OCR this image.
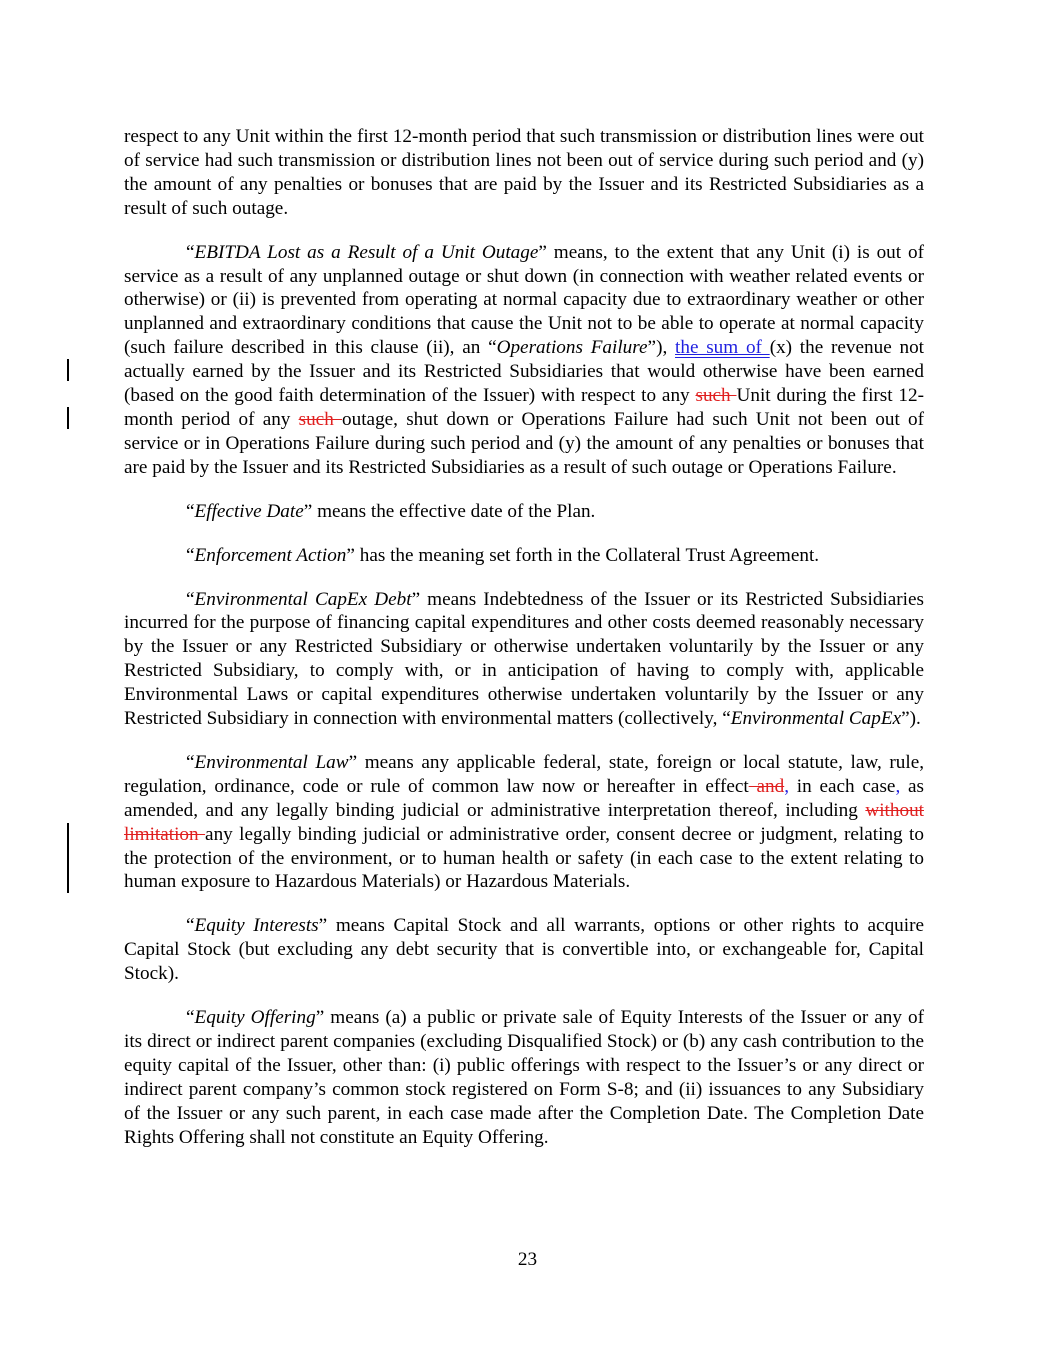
respect to any Unit within the first 12-month period that such transmission or distribution lines were out of service had such transmission or distribution lines not been out of service during such period and (y) the amount of any penalties or bonuses that are paid by the Issuer and its Restricted Subsidiaries as a result of such outage.

“EBITDA Lost as a Result of a Unit Outage” means, to the extent that any Unit (i) is out of service as a result of any unplanned outage or shut down (in connection with weather related events or otherwise) or (ii) is prevented from operating at normal capacity due to extraordinary weather or other unplanned and extraordinary conditions that cause the Unit not to be able to operate at normal capacity (such failure described in this clause (ii), an “Operations Failure”), the sum of (x) the revenue not actually earned by the Issuer and its Restricted Subsidiaries that would otherwise have been earned (based on the good faith determination of the Issuer) with respect to any such Unit during the first 12-month period of any such outage, shut down or Operations Failure had such Unit not been out of service or in Operations Failure during such period and (y) the amount of any penalties or bonuses that are paid by the Issuer and its Restricted Subsidiaries as a result of such outage or Operations Failure.

“Effective Date” means the effective date of the Plan.

“Enforcement Action” has the meaning set forth in the Collateral Trust Agreement.

“Environmental CapEx Debt” means Indebtedness of the Issuer or its Restricted Subsidiaries incurred for the purpose of financing capital expenditures and other costs deemed reasonably necessary by the Issuer or any Restricted Subsidiary or otherwise undertaken voluntarily by the Issuer or any Restricted Subsidiary, to comply with, or in anticipation of having to comply with, applicable Environmental Laws or capital expenditures otherwise undertaken voluntarily by the Issuer or any Restricted Subsidiary in connection with environmental matters (collectively, “Environmental CapEx”).

“Environmental Law” means any applicable federal, state, foreign or local statute, law, rule, regulation, ordinance, code or rule of common law now or hereafter in effect and, in each case, as amended, and any legally binding judicial or administrative interpretation thereof, including without limitation any legally binding judicial or administrative order, consent decree or judgment, relating to the protection of the environment, or to human health or safety (in each case to the extent relating to human exposure to Hazardous Materials) or Hazardous Materials.

“Equity Interests” means Capital Stock and all warrants, options or other rights to acquire Capital Stock (but excluding any debt security that is convertible into, or exchangeable for, Capital Stock).

“Equity Offering” means (a) a public or private sale of Equity Interests of the Issuer or any of its direct or indirect parent companies (excluding Disqualified Stock) or (b) any cash contribution to the equity capital of the Issuer, other than: (i) public offerings with respect to the Issuer’s or any direct or indirect parent company’s common stock registered on Form S-8; and (ii) issuances to any Subsidiary of the Issuer or any such parent, in each case made after the Completion Date. The Completion Date Rights Offering shall not constitute an Equity Offering.

23
